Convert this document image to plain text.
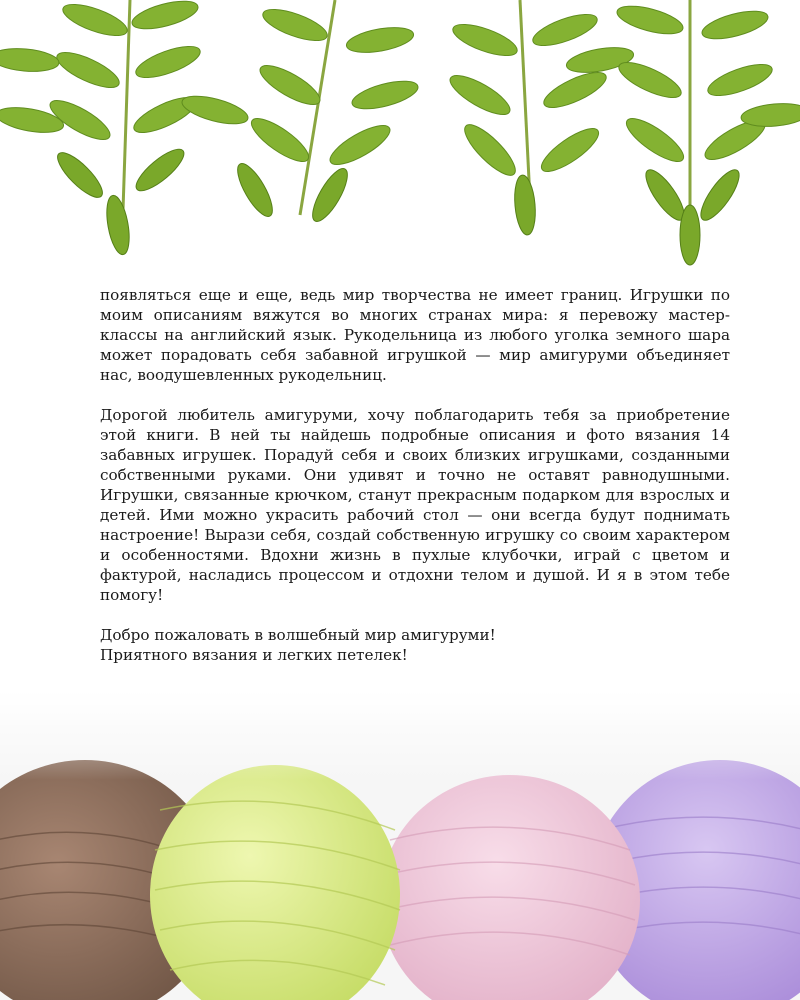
появляться еще и еще, ведь мир творчества не имеет границ. Игрушки по моим описаниям вяжутся во многих странах мира: я перевожу мастер-классы на английский язык. Рукодельница из любого уголка земного шара может порадовать себя забавной игрушкой — мир амигуруми объединяет нас, воодушевленных рукодельниц.

Дорогой любитель амигуруми, хочу поблагодарить тебя за приобретение этой книги. В ней ты найдешь подробные описания и фото вязания 14 забавных игрушек. Порадуй себя и своих близких игрушками, созданными собственными руками. Они удивят и точно не оставят равнодушными. Игрушки, связанные крючком, станут прекрасным подарком для взрослых и детей. Ими можно украсить рабочий стол — они всегда будут поднимать настроение! Вырази себя, создай собственную игрушку со своим характером и особенностями. Вдохни жизнь в пухлые клубочки, играй с цветом и фактурой, насладись процессом и отдохни телом и душой. И я в этом тебе помогу!

Добро пожаловать в волшебный мир амигуруми!
Приятного вязания и легких петелек!
